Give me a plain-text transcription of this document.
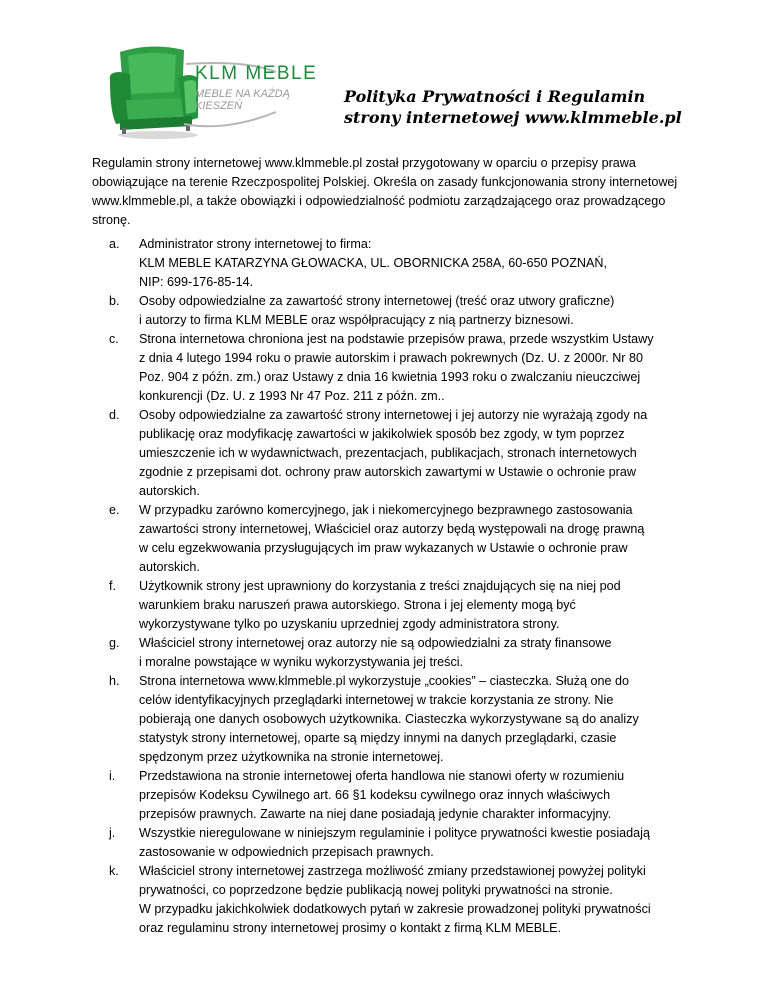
KLM MEBLE
MEBLE NA KAŻDĄ KIESZEŃ	Polityka Prywatności i Regulamin
strony internetowej www.klmmeble.pl
Regulamin strony internetowej www.klmmeble.pl został przygotowany w oparciu o przepisy prawa obowiązujące na terenie Rzeczpospolitej Polskiej. Określa on zasady funkcjonowania strony internetowej www.klmmeble.pl, a także obowiązki i odpowiedzialność podmiotu zarządzającego oraz prowadzącego stronę.
a. Administrator strony internetowej to firma:
KLM MEBLE KATARZYNA GŁOWACKA, UL. OBORNICKA 258A, 60-650 POZNAŃ,
NIP: 699-176-85-14.
b. Osoby odpowiedzialne za zawartość strony internetowej (treść oraz utwory graficzne)
i autorzy to firma KLM MEBLE oraz współpracujący z nią partnerzy biznesowi.
c. Strona internetowa chroniona jest na podstawie przepisów prawa, przede wszystkim Ustawy
z dnia 4 lutego 1994 roku o prawie autorskim i prawach pokrewnych (Dz. U. z 2000r. Nr 80
Poz. 904 z późn. zm.) oraz Ustawy z dnia 16 kwietnia 1993 roku o zwalczaniu nieuczciwej
konkurencji (Dz. U. z 1993 Nr 47 Poz. 211 z późn. zm..
d. Osoby odpowiedzialne za zawartość strony internetowej i jej autorzy nie wyrażają zgody na
publikację oraz modyfikację zawartości w jakikolwiek sposób bez zgody, w tym poprzez
umieszczenie ich w wydawnictwach, prezentacjach, publikacjach, stronach internetowych
zgodnie z przepisami dot. ochrony praw autorskich zawartymi w Ustawie o ochronie praw
autorskich.
e. W przypadku zarówno komercyjnego, jak i niekomercyjnego bezprawnego zastosowania
zawartości strony internetowej, Właściciel oraz autorzy będą występowali na drogę prawną
w celu egzekwowania przysługujących im praw wykazanych w Ustawie o ochronie praw
autorskich.
f. Użytkownik strony jest uprawniony do korzystania z treści znajdujących się na niej pod
warunkiem braku naruszeń prawa autorskiego. Strona i jej elementy mogą być
wykorzystywane tylko po uzyskaniu uprzedniej zgody administratora strony.
g. Właściciel strony internetowej oraz autorzy nie są odpowiedzialni za straty finansowe
i moralne powstające w wyniku wykorzystywania jej treści.
h. Strona internetowa www.klmmeble.pl wykorzystuje „cookies” – ciasteczka. Służą one do
celów identyfikacyjnych przeglądarki internetowej w trakcie korzystania ze strony. Nie
pobierają one danych osobowych użytkownika. Ciasteczka wykorzystywane są do analizy
statystyk strony internetowej, oparte są między innymi na danych przeglądarki, czasie
spędzonym przez użytkownika na stronie internetowej.
i. Przedstawiona na stronie internetowej oferta handlowa nie stanowi oferty w rozumieniu
przepisów Kodeksu Cywilnego art. 66 §1 kodeksu cywilnego oraz innych właściwych
przepisów prawnych. Zawarte na niej dane posiadają jedynie charakter informacyjny.
j. Wszystkie nieregulowane w niniejszym regulaminie i polityce prywatności kwestie posiadają
zastosowanie w odpowiednich przepisach prawnych.
k. Właściciel strony internetowej zastrzega możliwość zmiany przedstawionej powyżej polityki
prywatności, co poprzedzone będzie publikacją nowej polityki prywatności na stronie.
W przypadku jakichkolwiek dodatkowych pytań w zakresie prowadzonej polityki prywatności
oraz regulaminu strony internetowej prosimy o kontakt z firmą KLM MEBLE.
